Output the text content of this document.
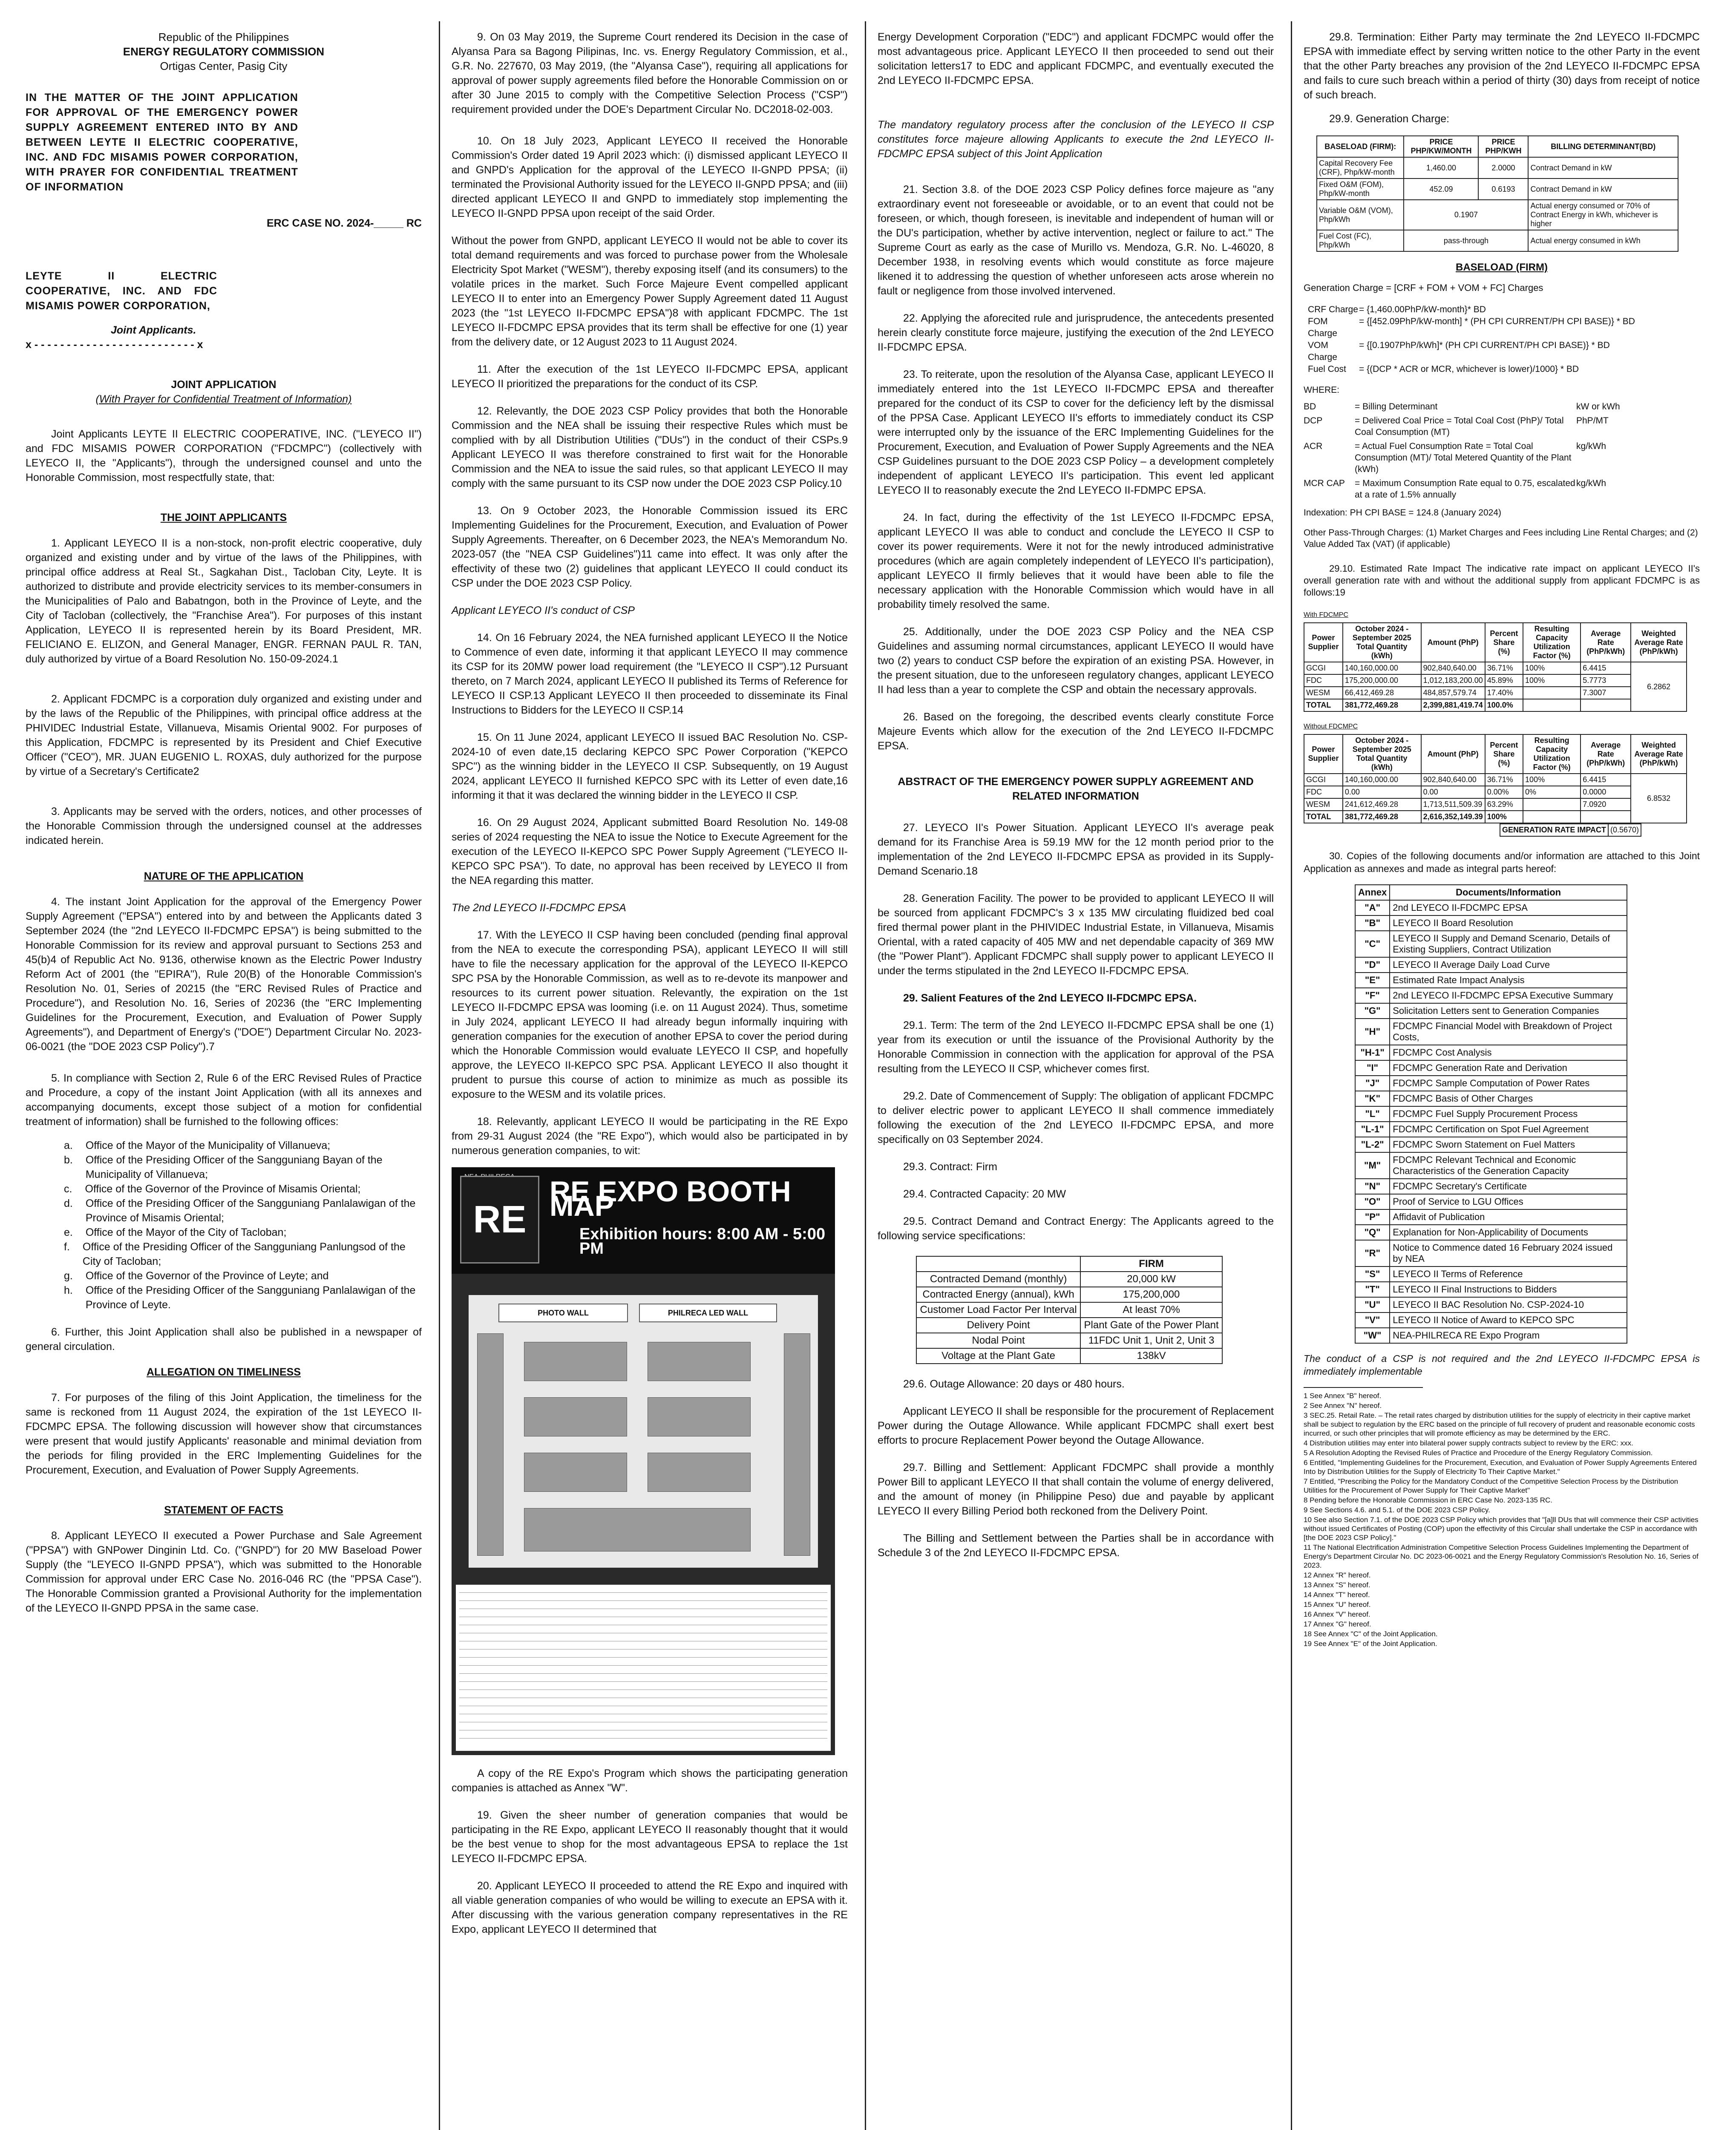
Republic of the Philippines
ENERGY REGULATORY COMMISSION
Ortigas Center, Pasig City

IN THE MATTER OF THE JOINT APPLICATION FOR APPROVAL OF THE EMERGENCY POWER SUPPLY AGREEMENT ENTERED INTO BY AND BETWEEN LEYTE II ELECTRIC COOPERATIVE, INC. AND FDC MISAMIS POWER CORPORATION, WITH PRAYER FOR CONFIDENTIAL TREATMENT OF INFORMATION

ERC CASE NO. 2024-_____ RC

LEYTE II ELECTRIC COOPERATIVE, INC. AND FDC MISAMIS POWER CORPORATION,

Joint Applicants.
x - - - - - - - - - - - - - - - - - - - - - - - - - x
JOINT APPLICATION
(With Prayer for Confidential Treatment of Information)

Joint Applicants LEYTE II ELECTRIC COOPERATIVE, INC. ("LEYECO II") and FDC MISAMIS POWER CORPORATION ("FDCMPC") (collectively with LEYECO II, the "Applicants"), through the undersigned counsel and unto the Honorable Commission, most respectfully state, that:

THE JOINT APPLICANTS

1. Applicant LEYECO II is a non-stock, non-profit electric cooperative, duly organized and existing under and by virtue of the laws of the Philippines, with principal office address at Real St., Sagkahan Dist., Tacloban City, Leyte. It is authorized to distribute and provide electricity services to its member-consumers in the Municipalities of Palo and Babatngon, both in the Province of Leyte, and the City of Tacloban (collectively, the "Franchise Area"). For purposes of this instant Application, LEYECO II is represented herein by its Board President, MR. FELICIANO E. ELIZON, and General Manager, ENGR. FERNAN PAUL R. TAN, duly authorized by virtue of a Board Resolution No. 150-09-2024.1

2. Applicant FDCMPC is a corporation duly organized and existing under and by the laws of the Republic of the Philippines, with principal office address at the PHIVIDEC Industrial Estate, Villanueva, Misamis Oriental 9002. For purposes of this Application, FDCMPC is represented by its President and Chief Executive Officer ("CEO"), MR. JUAN EUGENIO L. ROXAS, duly authorized for the purpose by virtue of a Secretary's Certificate2

3. Applicants may be served with the orders, notices, and other processes of the Honorable Commission through the undersigned counsel at the addresses indicated herein.

NATURE OF THE APPLICATION

4. The instant Joint Application for the approval of the Emergency Power Supply Agreement ("EPSA") entered into by and between the Applicants dated 3 September 2024 (the "2nd LEYECO II-FDCMPC EPSA") is being submitted to the Honorable Commission for its review and approval pursuant to Sections 253 and 45(b)4 of Republic Act No. 9136, otherwise known as the Electric Power Industry Reform Act of 2001 (the "EPIRA"), Rule 20(B) of the Honorable Commission's Resolution No. 01, Series of 20215 (the "ERC Revised Rules of Practice and Procedure"), and Resolution No. 16, Series of 20236 (the "ERC Implementing Guidelines for the Procurement, Execution, and Evaluation of Power Supply Agreements"), and Department of Energy's ("DOE") Department Circular No. 2023-06-0021 (the "DOE 2023 CSP Policy").7

5. In compliance with Section 2, Rule 6 of the ERC Revised Rules of Practice and Procedure, a copy of the instant Joint Application (with all its annexes and accompanying documents, except those subject of a motion for confidential treatment of information) shall be furnished to the following offices:

a. Office of the Mayor of the Municipality of Villanueva;
b. Office of the Presiding Officer of the Sangguniang Bayan of the Municipality of Villanueva;
c. Office of the Governor of the Province of Misamis Oriental;
d. Office of the Presiding Officer of the Sangguniang Panlalawigan of the Province of Misamis Oriental;
e. Office of the Mayor of the City of Tacloban;
f. Office of the Presiding Officer of the Sangguniang Panlungsod of the City of Tacloban;
g. Office of the Governor of the Province of Leyte; and
h. Office of the Presiding Officer of the Sangguniang Panlalawigan of the Province of Leyte.

6. Further, this Joint Application shall also be published in a newspaper of general circulation.

ALLEGATION ON TIMELINESS

7. For purposes of the filing of this Joint Application, the timeliness for the same is reckoned from 11 August 2024, the expiration of the 1st LEYECO II-FDCMPC EPSA. The following discussion will however show that circumstances were present that would justify Applicants' reasonable and minimal deviation from the periods for filing provided in the ERC Implementing Guidelines for the Procurement, Execution, and Evaluation of Power Supply Agreements.

STATEMENT OF FACTS

8. Applicant LEYECO II executed a Power Purchase and Sale Agreement ("PPSA") with GNPower Dinginin Ltd. Co. ("GNPD") for 20 MW Baseload Power Supply (the "LEYECO II-GNPD PPSA"), which was submitted to the Honorable Commission for approval under ERC Case No. 2016-046 RC (the "PPSA Case"). The Honorable Commission granted a Provisional Authority for the implementation of the LEYECO II-GNPD PPSA in the same case.

9. On 03 May 2019, the Supreme Court rendered its Decision in the case of Alyansa Para sa Bagong Pilipinas, Inc. vs. Energy Regulatory Commission, et al., G.R. No. 227670, 03 May 2019, (the "Alyansa Case"), requiring all applications for approval of power supply agreements filed before the Honorable Commission on or after 30 June 2015 to comply with the Competitive Selection Process ("CSP") requirement provided under the DOE's Department Circular No. DC2018-02-003.

10. On 18 July 2023, Applicant LEYECO II received the Honorable Commission's Order dated 19 April 2023 which: (i) dismissed applicant LEYECO II and GNPD's Application for the approval of the LEYECO II-GNPD PPSA; (ii) terminated the Provisional Authority issued for the LEYECO II-GNPD PPSA; and (iii) directed applicant LEYECO II and GNPD to immediately stop implementing the LEYECO II-GNPD PPSA upon receipt of the said Order.

Without the power from GNPD, applicant LEYECO II would not be able to cover its total demand requirements and was forced to purchase power from the Wholesale Electricity Spot Market ("WESM"), thereby exposing itself (and its consumers) to the volatile prices in the market. Such Force Majeure Event compelled applicant LEYECO II to enter into an Emergency Power Supply Agreement dated 11 August 2023 (the "1st LEYECO II-FDCMPC EPSA")8 with applicant FDCMPC. The 1st LEYECO II-FDCMPC EPSA provides that its term shall be effective for one (1) year from the delivery date, or 12 August 2023 to 11 August 2024.

11. After the execution of the 1st LEYECO II-FDCMPC EPSA, applicant LEYECO II prioritized the preparations for the conduct of its CSP.

12. Relevantly, the DOE 2023 CSP Policy provides that both the Honorable Commission and the NEA shall be issuing their respective Rules which must be complied with by all Distribution Utilities ("DUs") in the conduct of their CSPs.9 Applicant LEYECO II was therefore constrained to first wait for the Honorable Commission and the NEA to issue the said rules, so that applicant LEYECO II may comply with the same pursuant to its CSP now under the DOE 2023 CSP Policy.10

13. On 9 October 2023, the Honorable Commission issued its ERC Implementing Guidelines for the Procurement, Execution, and Evaluation of Power Supply Agreements. Thereafter, on 6 December 2023, the NEA's Memorandum No. 2023-057 (the "NEA CSP Guidelines")11 came into effect. It was only after the effectivity of these two (2) guidelines that applicant LEYECO II could conduct its CSP under the DOE 2023 CSP Policy.

Applicant LEYECO II's conduct of CSP

14. On 16 February 2024, the NEA furnished applicant LEYECO II the Notice to Commence of even date, informing it that applicant LEYECO II may commence its CSP for its 20MW power load requirement (the "LEYECO II CSP").12 Pursuant thereto, on 7 March 2024, applicant LEYECO II published its Terms of Reference for LEYECO II CSP.13 Applicant LEYECO II then proceeded to disseminate its Final Instructions to Bidders for the LEYECO II CSP.14

15. On 11 June 2024, applicant LEYECO II issued BAC Resolution No. CSP-2024-10 of even date,15 declaring KEPCO SPC Power Corporation ("KEPCO SPC") as the winning bidder in the LEYECO II CSP. Subsequently, on 19 August 2024, applicant LEYECO II furnished KEPCO SPC with its Letter of even date,16 informing it that it was declared the winning bidder in the LEYECO II CSP.

16. On 29 August 2024, Applicant submitted Board Resolution No. 149-08 series of 2024 requesting the NEA to issue the Notice to Execute Agreement for the execution of the LEYECO II-KEPCO SPC Power Supply Agreement ("LEYECO II-KEPCO SPC PSA"). To date, no approval has been received by LEYECO II from the NEA regarding this matter.

The 2nd LEYECO II-FDCMPC EPSA

17. With the LEYECO II CSP having been concluded (pending final approval from the NEA to execute the corresponding PSA), applicant LEYECO II will still have to file the necessary application for the approval of the LEYECO II-KEPCO SPC PSA by the Honorable Commission, as well as to re-devote its manpower and resources to its current power situation. Relevantly, the expiration on the 1st LEYECO II-FDCMPC EPSA was looming (i.e. on 11 August 2024). Thus, sometime in July 2024, applicant LEYECO II had already begun informally inquiring with generation companies for the execution of another EPSA to cover the period during which the Honorable Commission would evaluate LEYECO II CSP, and hopefully approve, the LEYECO II-KEPCO SPC PSA. Applicant LEYECO II also thought it prudent to pursue this course of action to minimize as much as possible its exposure to the WESM and its volatile prices.

18. Relevantly, applicant LEYECO II would be participating in the RE Expo from 29-31 August 2024 (the "RE Expo"), which would also be participated in by numerous generation companies, to wit:

RE
RE EXPO BOOTH MAP
Exhibition hours: 8:00 AM - 5:00 PM
PHOTO WALL	PHILRECA LED WALL

A copy of the RE Expo's Program which shows the participating generation companies is attached as Annex "W".

19. Given the sheer number of generation companies that would be participating in the RE Expo, applicant LEYECO II reasonably thought that it would be the best venue to shop for the most advantageous EPSA to replace the 1st LEYECO II-FDCMPC EPSA.

20. Applicant LEYECO II proceeded to attend the RE Expo and inquired with all viable generation companies of who would be willing to execute an EPSA with it. After discussing with the various generation company representatives in the RE Expo, applicant LEYECO II determined that

Energy Development Corporation ("EDC") and applicant FDCMPC would offer the most advantageous price. Applicant LEYECO II then proceeded to send out their solicitation letters17 to EDC and applicant FDCMPC, and eventually executed the 2nd LEYECO II-FDCMPC EPSA.

The mandatory regulatory process after the conclusion of the LEYECO II CSP constitutes force majeure allowing Applicants to execute the 2nd LEYECO II-FDCMPC EPSA subject of this Joint Application

21. Section 3.8. of the DOE 2023 CSP Policy defines force majeure as "any extraordinary event not foreseeable or avoidable, or to an event that could not be foreseen, or which, though foreseen, is inevitable and independent of human will or the DU's participation, whether by active intervention, neglect or failure to act." The Supreme Court as early as the case of Murillo vs. Mendoza, G.R. No. L-46020, 8 December 1938, in resolving events which would constitute as force majeure likened it to addressing the question of whether unforeseen acts arose wherein no fault or negligence from those involved intervened.

22. Applying the aforecited rule and jurisprudence, the antecedents presented herein clearly constitute force majeure, justifying the execution of the 2nd LEYECO II-FDCMPC EPSA.

23. To reiterate, upon the resolution of the Alyansa Case, applicant LEYECO II immediately entered into the 1st LEYECO II-FDCMPC EPSA and thereafter prepared for the conduct of its CSP to cover for the deficiency left by the dismissal of the PPSA Case. Applicant LEYECO II's efforts to immediately conduct its CSP were interrupted only by the issuance of the ERC Implementing Guidelines for the Procurement, Execution, and Evaluation of Power Supply Agreements and the NEA CSP Guidelines pursuant to the DOE 2023 CSP Policy – a development completely independent of applicant LEYECO II's participation. This event led applicant LEYECO II to reasonably execute the 2nd LEYECO II-FDMPC EPSA.

24. In fact, during the effectivity of the 1st LEYECO II-FDCMPC EPSA, applicant LEYECO II was able to conduct and conclude the LEYECO II CSP to cover its power requirements. Were it not for the newly introduced administrative procedures (which are again completely independent of LEYECO II's participation), applicant LEYECO II firmly believes that it would have been able to file the necessary application with the Honorable Commission which would have in all probability timely resolved the same.

25. Additionally, under the DOE 2023 CSP Policy and the NEA CSP Guidelines and assuming normal circumstances, applicant LEYECO II would have two (2) years to conduct CSP before the expiration of an existing PSA. However, in the present situation, due to the unforeseen regulatory changes, applicant LEYECO II had less than a year to complete the CSP and obtain the necessary approvals.

26. Based on the foregoing, the described events clearly constitute Force Majeure Events which allow for the execution of the 2nd LEYECO II-FDCMPC EPSA.

ABSTRACT OF THE EMERGENCY POWER SUPPLY AGREEMENT AND RELATED INFORMATION

27. LEYECO II's Power Situation. Applicant LEYECO II's average peak demand for its Franchise Area is 59.19 MW for the 12 month period prior to the implementation of the 2nd LEYECO II-FDCMPC EPSA as provided in its Supply-Demand Scenario.18

28. Generation Facility. The power to be provided to applicant LEYECO II will be sourced from applicant FDCMPC's 3 x 135 MW circulating fluidized bed coal fired thermal power plant in the PHIVIDEC Industrial Estate, in Villanueva, Misamis Oriental, with a rated capacity of 405 MW and net dependable capacity of 369 MW (the "Power Plant"). Applicant FDCMPC shall supply power to applicant LEYECO II under the terms stipulated in the 2nd LEYECO II-FDCMPC EPSA.

29. Salient Features of the 2nd LEYECO II-FDCMPC EPSA.

29.1. Term: The term of the 2nd LEYECO II-FDCMPC EPSA shall be one (1) year from its execution or until the issuance of the Provisional Authority by the Honorable Commission in connection with the application for approval of the PSA resulting from the LEYECO II CSP, whichever comes first.

29.2. Date of Commencement of Supply: The obligation of applicant FDCMPC to deliver electric power to applicant LEYECO II shall commence immediately following the execution of the 2nd LEYECO II-FDCMPC EPSA, and more specifically on 03 September 2024.

29.3. Contract: Firm

29.4. Contracted Capacity: 20 MW

29.5. Contract Demand and Contract Energy: The Applicants agreed to the following service specifications:

	FIRM
Contracted Demand (monthly)	20,000 kW
Contracted Energy (annual), kWh	175,200,000
Customer Load Factor Per Interval	At least 70%
Delivery Point	Plant Gate of the Power Plant
Nodal Point	11FDC Unit 1, Unit 2, Unit 3
Voltage at the Plant Gate	138kV

29.6. Outage Allowance: 20 days or 480 hours.

Applicant LEYECO II shall be responsible for the procurement of Replacement Power during the Outage Allowance. While applicant FDCMPC shall exert best efforts to procure Replacement Power beyond the Outage Allowance.

29.7. Billing and Settlement: Applicant FDCMPC shall provide a monthly Power Bill to applicant LEYECO II that shall contain the volume of energy delivered, and the amount of money (in Philippine Peso) due and payable by applicant LEYECO II every Billing Period both reckoned from the Delivery Point.

The Billing and Settlement between the Parties shall be in accordance with Schedule 3 of the 2nd LEYECO II-FDCMPC EPSA.

29.8. Termination: Either Party may terminate the 2nd LEYECO II-FDCMPC EPSA with immediate effect by serving written notice to the other Party in the event that the other Party breaches any provision of the 2nd LEYECO II-FDCMPC EPSA and fails to cure such breach within a period of thirty (30) days from receipt of notice of such breach.

29.9. Generation Charge:

BASELOAD (FIRM):	PRICE PHP/KW/MONTH	PRICE PHP/KWH	BILLING DETERMINANT(BD)
Capital Recovery Fee (CRF), Php/kW-month	1,460.00	2.0000	Contract Demand in kW
Fixed O&M (FOM), Php/kW-month	452.09	0.6193	Contract Demand in kW
Variable O&M (VOM), Php/kWh	0.1907		Actual energy consumed or 70% of Contract Energy in kWh, whichever is higher
Fuel Cost (FC), Php/kWh	pass-through		Actual energy consumed in kWh
BASELOAD (FIRM)
Generation Charge = [CRF + FOM + VOM + FC] Charges
CRF Charge = {1,460.00PhP/kW-month}* BD
FOM Charge
= {[452.09PhP/kW-month] * (PH CPI CURRENT/PH CPI BASE)} * BD
VOM Charge
= {[0.1907PhP/kWh]* (PH CPI CURRENT/PH CPI BASE)} * BD
Fuel Cost	= {(DCP * ACR or MCR, whichever is lower)/1000} * BD
WHERE:
BD	= Billing Determinant	kW or kWh
DCP	= Delivered Coal Price = Total Coal Cost (PhP)/ Total Coal Consumption (MT)
PhP/MT
ACR	= Actual Fuel Consumption Rate = Total Coal Consumption (MT)/ Total Metered Quantity of the Plant (kWh)
kg/kWh
MCR CAP	= Maximum Consumption Rate equal to 0.75, escalated at a rate of 1.5% annually
kg/kWh
Indexation: PH CPI BASE = 124.8 (January 2024)
Other Pass-Through Charges: (1) Market Charges and Fees including Line Rental Charges; and (2) Value Added Tax (VAT) (if applicable)

29.10. Estimated Rate Impact The indicative rate impact on applicant LEYECO II's overall generation rate with and without the additional supply from applicant FDCMPC is as follows:19

With FDCMPC
Power Supplier	October 2024 - September 2025 Total Quantity (kWh)	Amount (PhP)	Percent Share (%)	Resulting Capacity Utilization Factor (%)	Average Rate (PhP/kWh)	Weighted Average Rate (PhP/kWh)
GCGI	140,160,000.00	902,840,640.00	36.71%	100%	6.4415	6.2862
FDC	175,200,000.00	1,012,183,200.00	45.89%	100%	5.7773	
WESM	66,412,469.28	484,857,579.74	17.40%		7.3007	
TOTAL	381,772,469.28	2,399,881,419.74	100.0%			
Without FDCMPC
Power Supplier	October 2024 - September 2025 Total Quantity (kWh)	Amount (PhP)	Percent Share (%)	Resulting Capacity Utilization Factor (%)	Average Rate (PhP/kWh)	Weighted Average Rate (PhP/kWh)
GCGI	140,160,000.00	902,840,640.00	36.71%	100%	6.4415	6.8532
FDC	0.00	0.00	0.00%	0%	0.0000	
WESM	241,612,469.28	1,713,511,509.39	63.29%		7.0920	
TOTAL	381,772,469.28	2,616,352,149.39	100%			
GENERATION RATE IMPACT	(0.5670)

30. Copies of the following documents and/or information are attached to this Joint Application as annexes and made as integral parts hereof:

Annex	Documents/Information
"A"	2nd LEYECO II-FDCMPC EPSA
"B"	LEYECO II Board Resolution
"C"	LEYECO II Supply and Demand Scenario, Details of Existing Suppliers, Contract Utilization
"D"	LEYECO II Average Daily Load Curve
"E"	Estimated Rate Impact Analysis
"F"	2nd LEYECO II-FDCMPC EPSA Executive Summary
"G"	Solicitation Letters sent to Generation Companies
"H"	FDCMPC Financial Model with Breakdown of Project Costs,
"H-1"	FDCMPC Cost Analysis
"I"	FDCMPC Generation Rate and Derivation
"J"	FDCMPC Sample Computation of Power Rates
"K"	FDCMPC Basis of Other Charges
"L"	FDCMPC Fuel Supply Procurement Process
"L-1"	FDCMPC Certification on Spot Fuel Agreement
"L-2"	FDCMPC Sworn Statement on Fuel Matters
"M"	FDCMPC Relevant Technical and Economic Characteristics of the Generation Capacity
"N"	FDCMPC Secretary's Certificate
"O"	Proof of Service to LGU Offices
"P"	Affidavit of Publication
"Q"	Explanation for Non-Applicability of Documents
"R"	Notice to Commence dated 16 February 2024 issued by NEA
"S"	LEYECO II Terms of Reference
"T"	LEYECO II Final Instructions to Bidders
"U"	LEYECO II BAC Resolution No. CSP-2024-10
"V"	LEYECO II Notice of Award to KEPCO SPC
"W"	NEA-PHILRECA RE Expo Program

The conduct of a CSP is not required and the 2nd LEYECO II-FDCMPC EPSA is immediately implementable

1 See Annex "B" hereof.
2 See Annex "N" hereof.
3 SEC.25. Retail Rate. – The retail rates charged by distribution utilities for the supply of electricity in their captive market shall be subject to regulation by the ERC based on the principle of full recovery of prudent and reasonable economic costs incurred, or such other principles that will promote efficiency as may be determined by the ERC.
4 Distribution utilities may enter into bilateral power supply contracts subject to review by the ERC: xxx.
5 A Resolution Adopting the Revised Rules of Practice and Procedure of the Energy Regulatory Commission.
6 Entitled, "Implementing Guidelines for the Procurement, Execution, and Evaluation of Power Supply Agreements Entered Into by Distribution Utilities for the Supply of Electricity To Their Captive Market."
7 Entitled, "Prescribing the Policy for the Mandatory Conduct of the Competitive Selection Process by the Distribution Utilities for the Procurement of Power Supply for Their Captive Market"
8 Pending before the Honorable Commission in ERC Case No. 2023-135 RC.
9 See Sections 4.6. and 5.1. of the DOE 2023 CSP Policy.
10 See also Section 7.1. of the DOE 2023 CSP Policy which provides that "[a]ll DUs that will commence their CSP activities without issued Certificates of Posting (COP) upon the effectivity of this Circular shall undertake the CSP in accordance with [the DOE 2023 CSP Policy]."
11 The National Electrification Administration Competitive Selection Process Guidelines Implementing the Department of Energy's Department Circular No. DC 2023-06-0021 and the Energy Regulatory Commission's Resolution No. 16, Series of 2023.
12 Annex "R" hereof.
13 Annex "S" hereof.
14 Annex "T" hereof.
15 Annex "U" hereof.
16 Annex "V" hereof.
17 Annex "G" hereof.
18 See Annex "C" of the Joint Application.
19 See Annex "E" of the Joint Application.
